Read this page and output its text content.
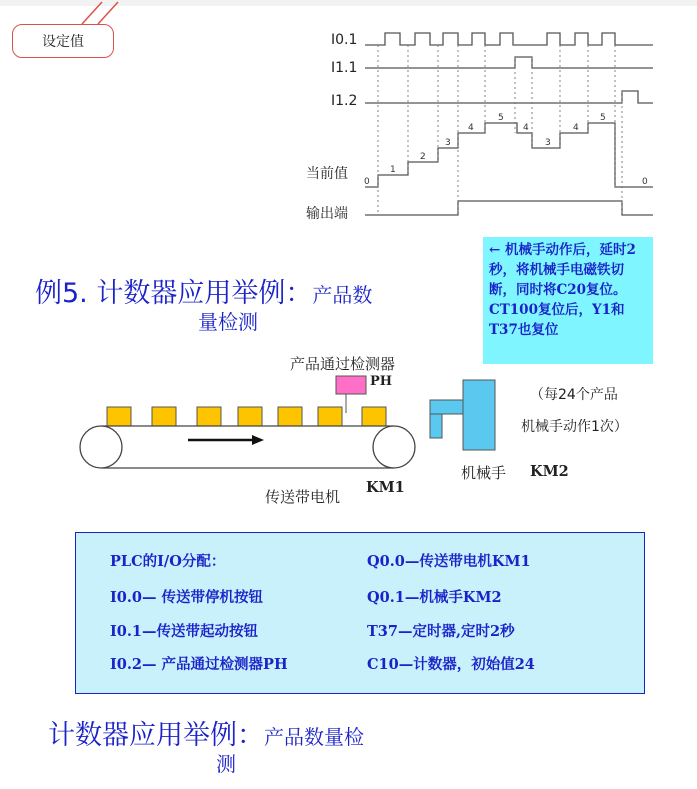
设定值	I0.1
I1.1
I1.2
当前值
输出端
0
1
2
3
4
5
4
3
4
5
0
例5. 计数器应用举例：产品数
量检测
← 机械手动作后，延时2秒，将机械手电磁铁切断，同时将C20复位。CT100复位后，Y1和T37也复位
产品通过检测器
PH
（每24个产品
机械手动作1次）
机械手 KM2
传送带电机
KM1
PLC的I/O分配：
I0.0— 传送带停机按钮
I0.1—传送带起动按钮
I0.2— 产品通过检测器PH
Q0.0—传送带电机KM1
Q0.1—机械手KM2
T37—定时器,定时2秒
C10—计数器，初始值24
计数器应用举例：产品数量检
测
